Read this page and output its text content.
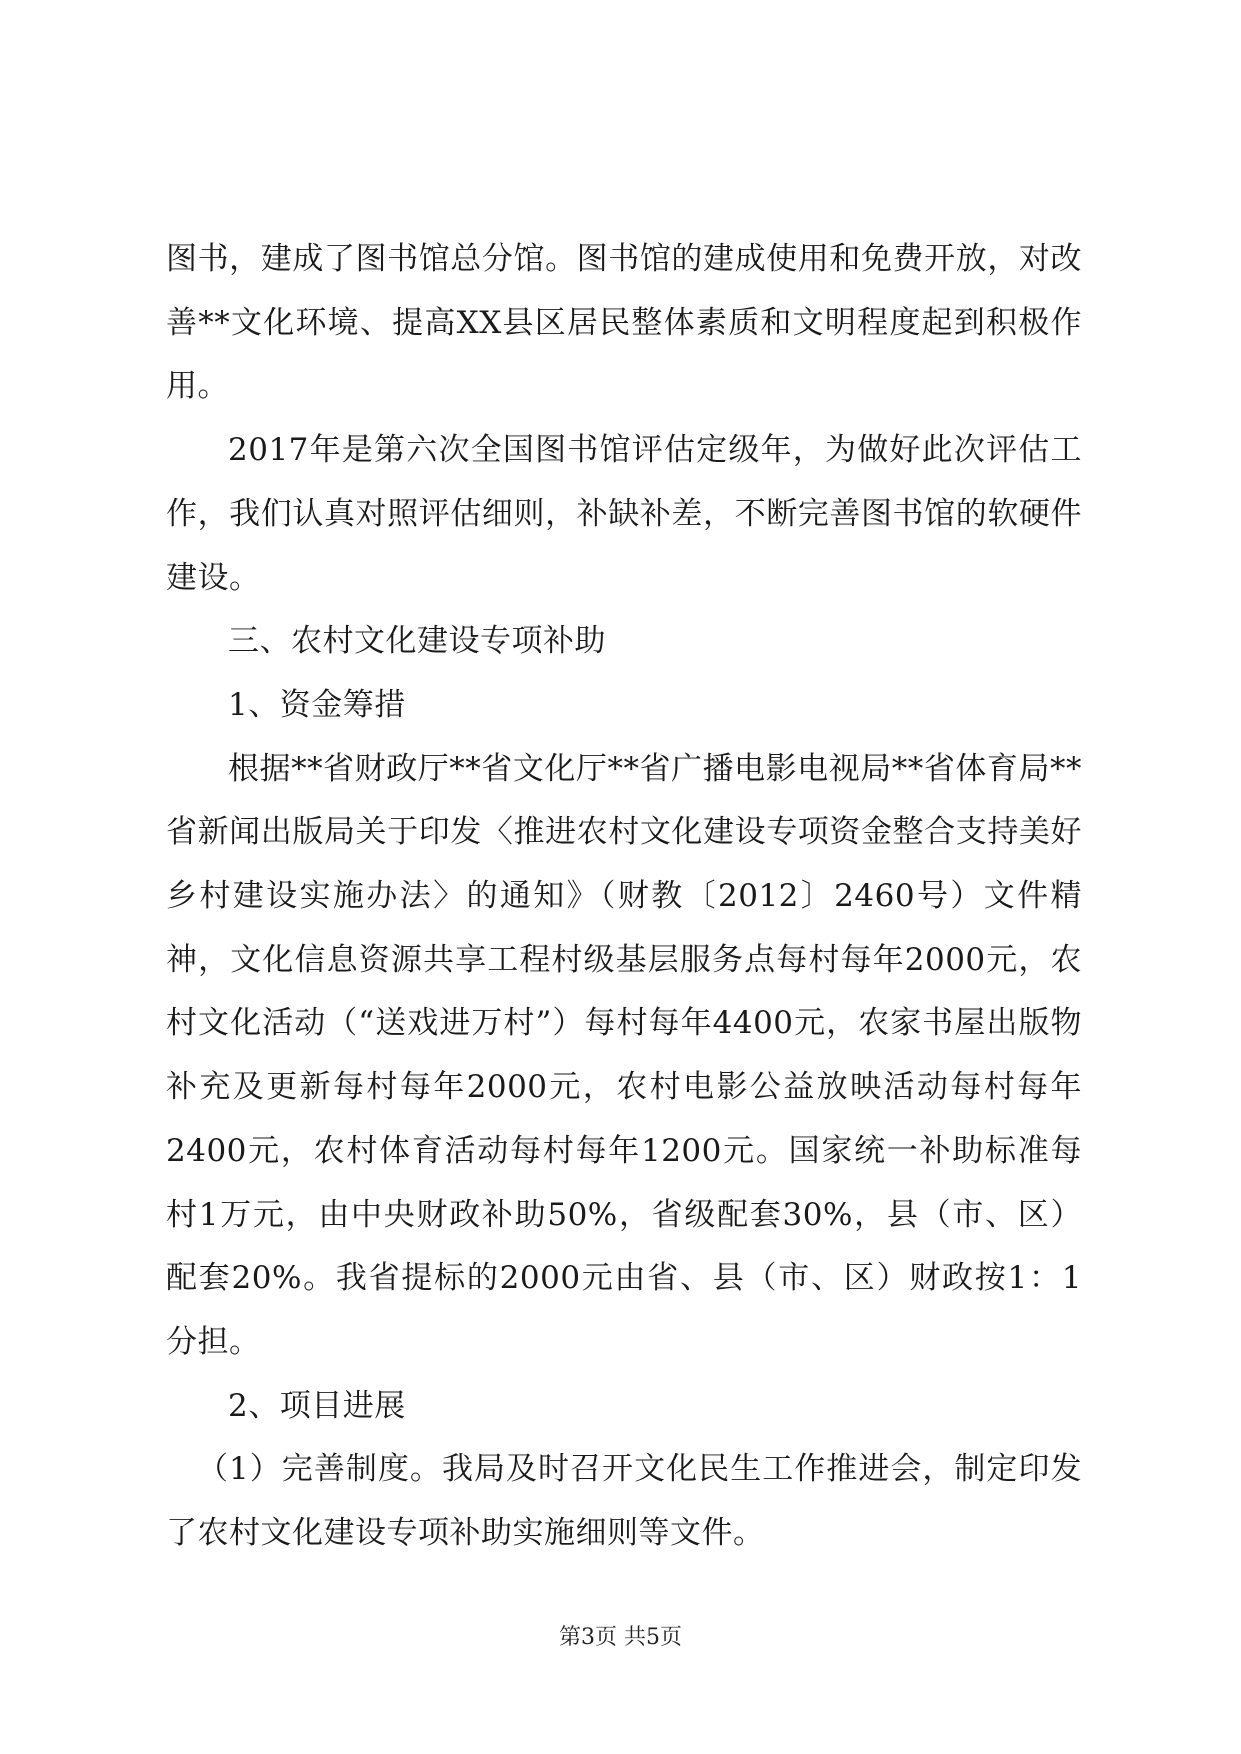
图书，建成了图书馆总分馆。图书馆的建成使用和免费开放，对改善**文化环境、提高XX县区居民整体素质和文明程度起到积极作用。

2017年是第六次全国图书馆评估定级年，为做好此次评估工作，我们认真对照评估细则，补缺补差，不断完善图书馆的软硬件建设。

三、农村文化建设专项补助

1、资金筹措

根据**省财政厅**省文化厅**省广播电影电视局**省体育局**省新闻出版局关于印发〈推进农村文化建设专项资金整合支持美好乡村建设实施办法〉的通知》（财教〔2012〕2460号）文件精神，文化信息资源共享工程村级基层服务点每村每年2000元，农村文化活动（“送戏进万村”）每村每年4400元，农家书屋出版物补充及更新每村每年2000元，农村电影公益放映活动每村每年2400元，农村体育活动每村每年1200元。国家统一补助标准每村1万元，由中央财政补助50%，省级配套30%，县（市、区）配套20%。我省提标的2000元由省、县（市、区）财政按1：1分担。

2、项目进展

（1）完善制度。我局及时召开文化民生工作推进会，制定印发了农村文化建设专项补助实施细则等文件。

第3页 共5页
